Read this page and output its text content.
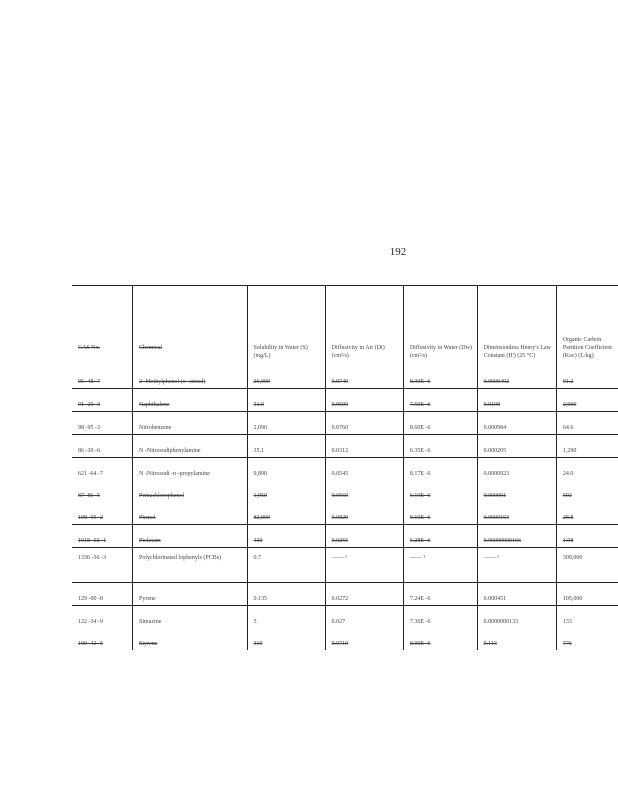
192
CAS No.	Chemical	Solubility in Water (S) (mg/L)	Diffusivity in Air (Di) (cm²/s)	Diffusivity in Water (Dw) (cm²/s)	Dimensionless Henry's Law Constant (H') (25 °C)	Organic Carbon Partition Coefficient (Koc) (L/kg)
95 -48 -7	2 -Methylphenol (o -cresol)	26,000	0.0740	8.30E -6	0.0000492	91.2
91 -20 -3	Naphthalene	31.0	0.0590	7.50E -6	0.0198	2,000
98 -95 -3	Nitrobenzene	2,090	0.0760	8.60E -6	0.000984	64.6
86 -30 -6	N -Nitrosodiphenylamine	35.1	0.0312	6.35E -6	0.000205	1,290
621 -64 -7	N -Nitrosodi -n -propylamine	9,890	0.0545	8.17E -6	0.0000923	24.0
87 -86 -5	Pentachlorophenol	1,950	0.0560	6.10E -6	0.000001	592
108 -95 -2	Phenol	82,800	0.0820	9.10E -6	0.0000163	28.8
1918 -02 -1	Picloram	430	0.0255	5.28E -6	0.00000000166	1.98
1336 -36 -3	Polychlorinated biphenyls (PCBs)	0.7	—— ¹	—— ¹	—— ¹	309,000
129 -00 -0	Pyrene	0.135	0.0272	7.24E -6	0.000451	105,000
122 -34 -9	Simazine	5	0.027	7.36E -6	0.0000000133	133
100 -42 -5	Styrene	310	0.0710	8.00E -6	0.113	776
